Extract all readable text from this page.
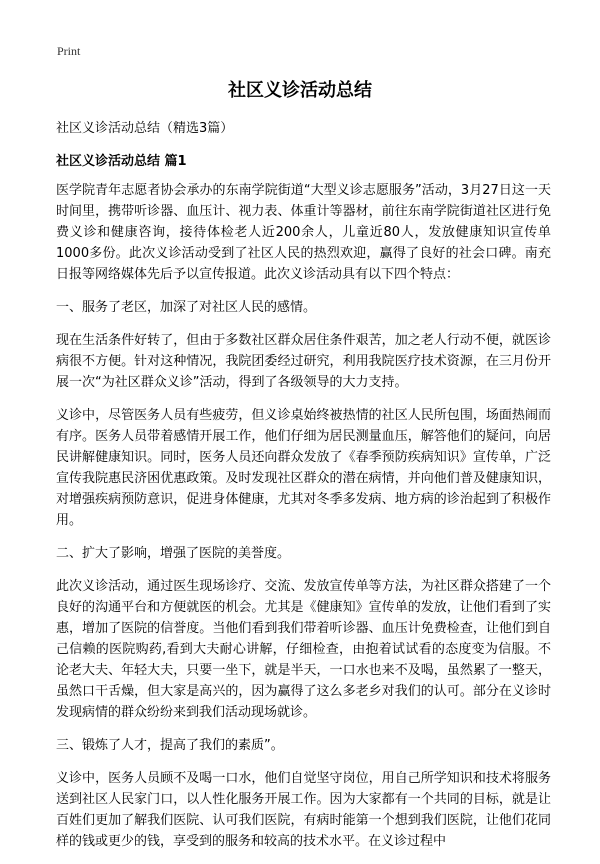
Print
社区义诊活动总结

社区义诊活动总结（精选3篇）

社区义诊活动总结 篇1

医学院青年志愿者协会承办的东南学院街道“大型义诊志愿服务”活动，3月27日这一天时间里，携带听诊器、血压计、视力表、体重计等器材，前往东南学院街道社区进行免费义诊和健康咨询，接待体检老人近200余人，儿童近80人，发放健康知识宣传单1000多份。此次义诊活动受到了社区人民的热烈欢迎，赢得了良好的社会口碑。南充日报等网络媒体先后予以宣传报道。此次义诊活动具有以下四个特点：

一、服务了老区，加深了对社区人民的感情。

现在生活条件好转了，但由于多数社区群众居住条件艰苦，加之老人行动不便，就医诊病很不方便。针对这种情况，我院团委经过研究，利用我院医疗技术资源，在三月份开展一次“为社区群众义诊”活动，得到了各级领导的大力支持。

义诊中，尽管医务人员有些疲劳，但义诊桌始终被热情的社区人民所包围，场面热闹而有序。医务人员带着感情开展工作，他们仔细为居民测量血压，解答他们的疑问，向居民讲解健康知识。同时，医务人员还向群众发放了《春季预防疾病知识》宣传单，广泛宣传我院惠民济困优惠政策。及时发现社区群众的潜在病情，并向他们普及健康知识，对增强疾病预防意识，促进身体健康，尤其对冬季多发病、地方病的诊治起到了积极作用。

二、扩大了影响，增强了医院的美誉度。

此次义诊活动，通过医生现场诊疗、交流、发放宣传单等方法，为社区群众搭建了一个良好的沟通平台和方便就医的机会。尤其是《健康知》宣传单的发放，让他们看到了实惠，增加了医院的信誉度。当他们看到我们带着听诊器、血压计免费检查，让他们到自己信赖的医院购药,看到大夫耐心讲解，仔细检查，由抱着试试看的态度变为信服。不论老大夫、年轻大夫，只要一坐下，就是半天，一口水也来不及喝，虽然累了一整天，虽然口干舌燥，但大家是高兴的，因为赢得了这么多老乡对我们的认可。部分在义诊时发现病情的群众纷纷来到我们活动现场就诊。

三、锻炼了人才，提高了我们的素质”。

义诊中，医务人员顾不及喝一口水，他们自觉坚守岗位，用自己所学知识和技术将服务送到社区人民家门口，以人性化服务开展工作。因为大家都有一个共同的目标，就是让百姓们更加了解我们医院、认可我们医院，有病时能第一个想到我们医院，让他们花同样的钱或更少的钱，享受到的服务和较高的技术水平。在义诊过程中
